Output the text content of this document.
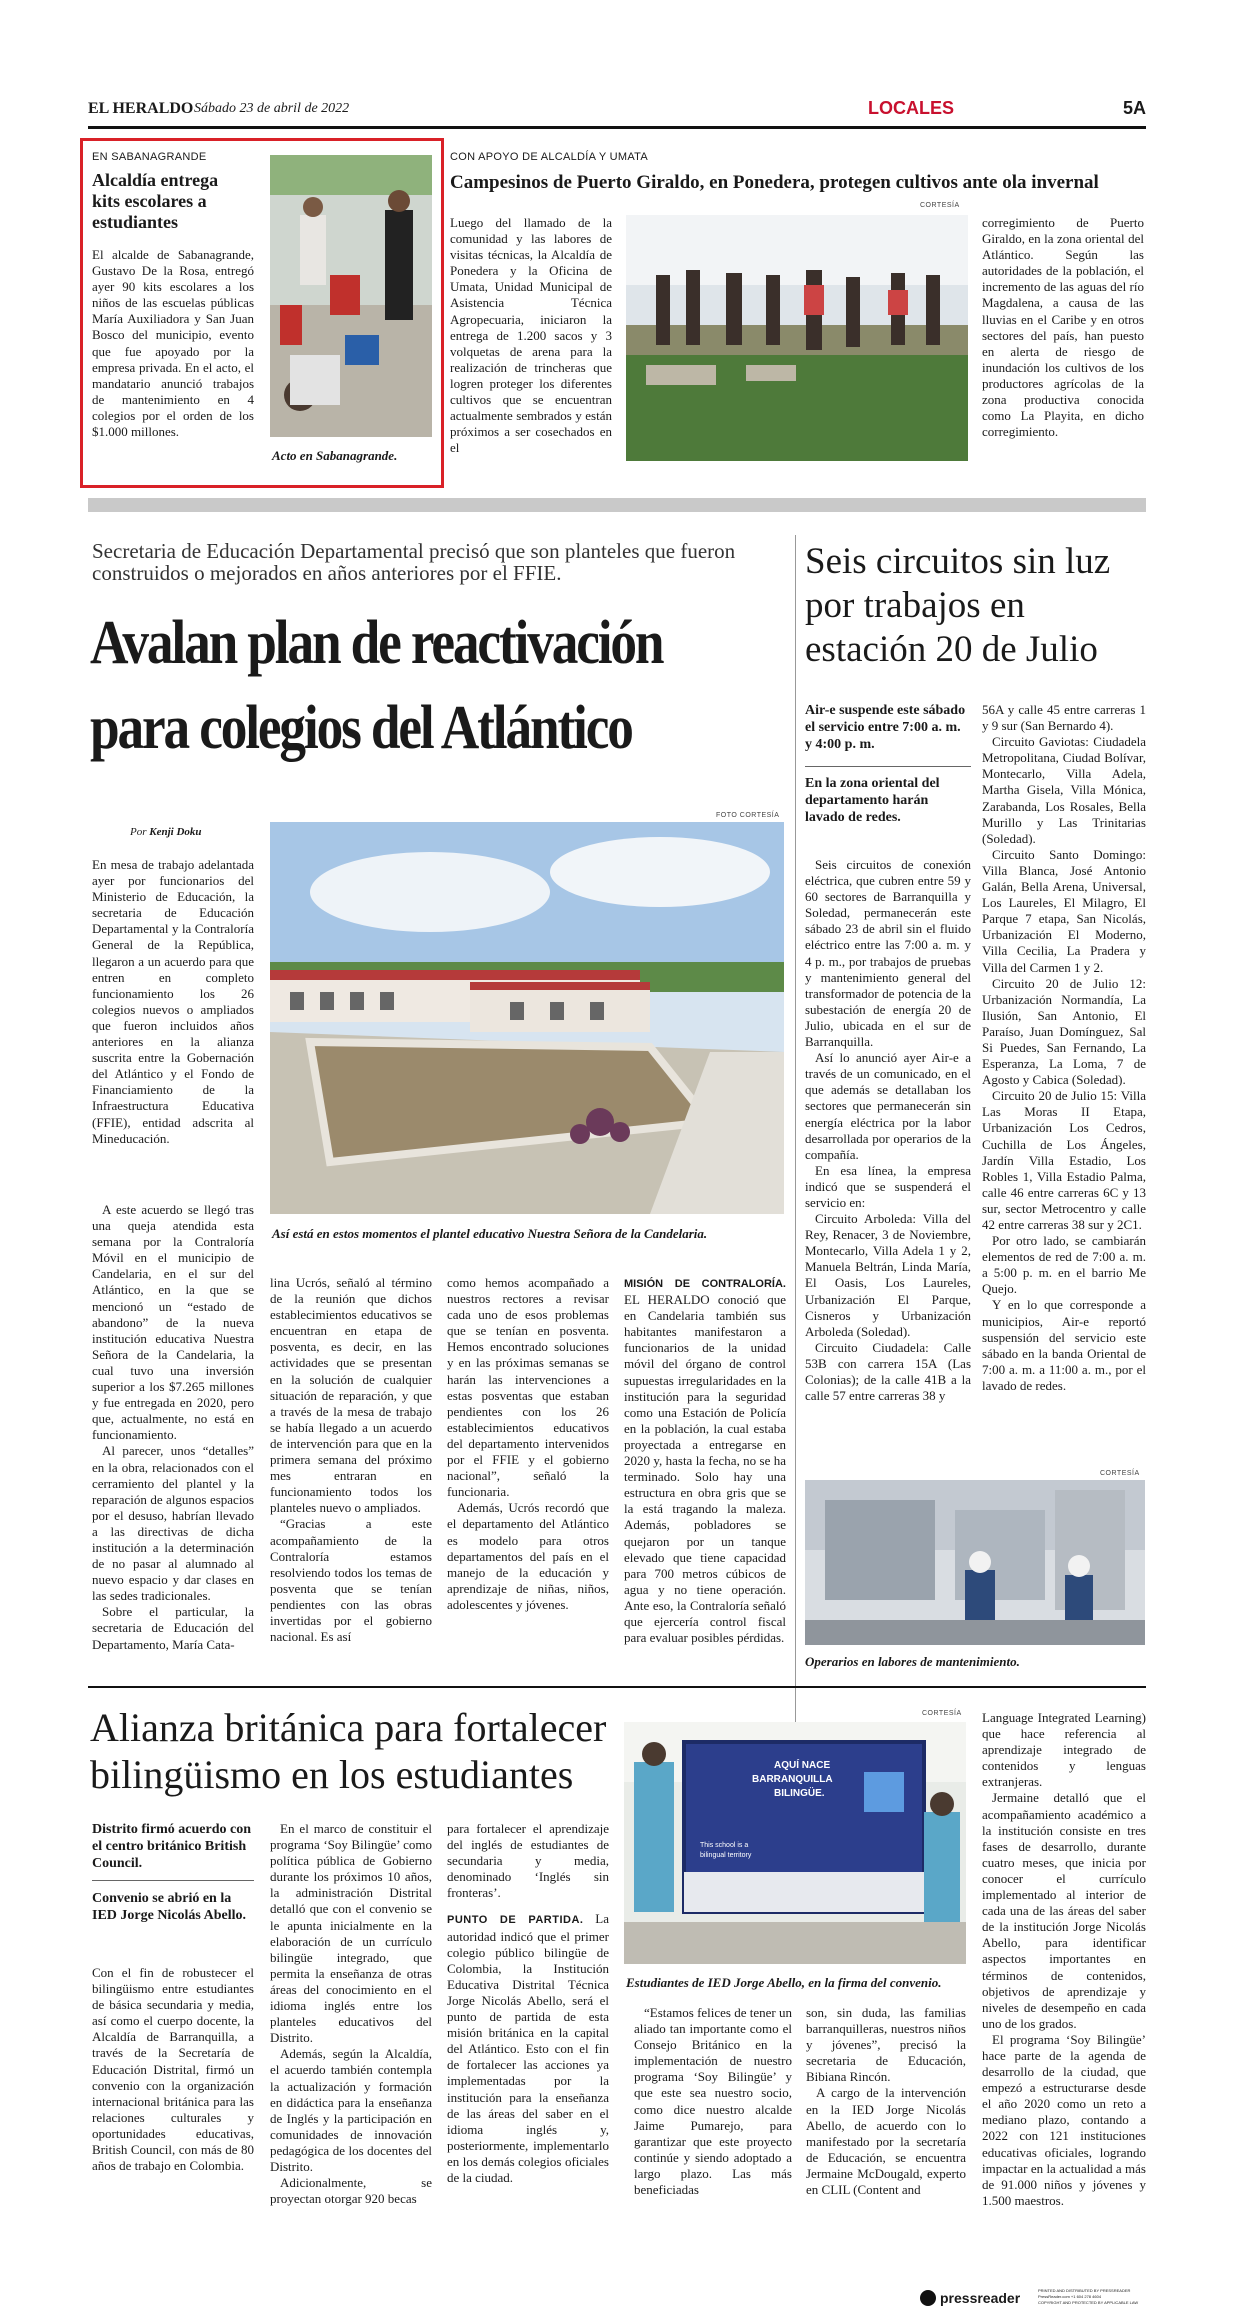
EL HERALDO Sábado 23 de abril de 2022	LOCALES	5A
EN SABANAGRANDE
Alcaldía entrega kits escolares a estudiantes

El alcalde de Sabanagrande, Gustavo De la Rosa, entregó ayer 90 kits escolares a los niños de las escuelas públicas María Auxiliadora y San Juan Bosco del municipio, evento que fue apoyado por la empresa privada. En el acto, el mandatario anunció trabajos de mantenimiento en 4 colegios por el orden de los $1.000 millones.

Acto en Sabanagrande.
CON APOYO DE ALCALDÍA Y UMATA
Campesinos de Puerto Giraldo, en Ponedera, protegen cultivos ante ola invernal
CORTESÍA

Luego del llamado de la comunidad y las labores de visitas técnicas, la Alcaldía de Ponedera y la Oficina de Umata, Unidad Municipal de Asistencia Técnica Agropecuaria, iniciaron la entrega de 1.200 sacos y 3 volquetas de arena para la realización de trincheras que logren proteger los diferentes cultivos que se encuentran actualmente sembrados y están próximos a ser cosechados en el

corregimiento de Puerto Giraldo, en la zona oriental del Atlántico. Según las autoridades de la población, el incremento de las aguas del río Magdalena, a causa de las lluvias en el Caribe y en otros sectores del país, han puesto en alerta de riesgo de inundación los cultivos de los productores agrícolas de la zona productiva conocida como La Playita, en dicho corregimiento.

Secretaria de Educación Departamental precisó que son planteles que fueron construidos o mejorados en años anteriores por el FFIE.
Avalan plan de reactivación
para colegios del Atlántico
Por Kenji Doku
FOTO CORTESÍA

En mesa de trabajo adelantada ayer por funcionarios del Ministerio de Educación, la secretaria de Educación Departamental y la Contraloría General de la República, llegaron a un acuerdo para que entren en completo funcionamiento los 26 colegios nuevos o ampliados que fueron incluidos años anteriores en la alianza suscrita entre la Gobernación del Atlántico y el Fondo de Financiamiento de la Infraestructura Educativa (FFIE), entidad adscrita al Mineducación.

Así está en estos momentos el plantel educativo Nuestra Señora de la Candelaria.

A este acuerdo se llegó tras una queja atendida esta semana por la Contraloría Móvil en el municipio de Candelaria, en el sur del Atlántico, en la que se mencionó un “estado de abandono” de la nueva institución educativa Nuestra Señora de la Candelaria, la cual tuvo una inversión superior a los $7.265 millones y fue entregada en 2020, pero que, actualmente, no está en funcionamiento.

Al parecer, unos “detalles” en la obra, relacionados con el cerramiento del plantel y la reparación de algunos espacios por el desuso, habrían llevado a las directivas de dicha institución a la determinación de no pasar al alumnado al nuevo espacio y dar clases en las sedes tradicionales.

Sobre el particular, la secretaria de Educación del Departamento, María Cata-

lina Ucrós, señaló al término de la reunión que dichos establecimientos educativos se encuentran en etapa de posventa, es decir, en las actividades que se presentan en la solución de cualquier situación de reparación, y que a través de la mesa de trabajo se había llegado a un acuerdo de intervención para que en la primera semana del próximo mes entraran en funcionamiento todos los planteles nuevo o ampliados.

“Gracias a este acompañamiento de la Contraloría estamos resolviendo todos los temas de posventa que se tenían pendientes con las obras invertidas por el gobierno nacional. Es así

como hemos acompañado a nuestros rectores a revisar cada uno de esos problemas que se tenían en posventa. Hemos encontrado soluciones y en las próximas semanas se harán las intervenciones a estas posventas que estaban pendientes con los 26 establecimientos educativos del departamento intervenidos por el FFIE y el gobierno nacional”, señaló la funcionaria.

Además, Ucrós recordó que el departamento del Atlántico es modelo para otros departamentos del país en el manejo de la educación y aprendizaje de niñas, niños, adolescentes y jóvenes.

MISIÓN DE CONTRALORÍA. EL HERALDO conoció que en Candelaria también sus habitantes manifestaron a funcionarios de la unidad móvil del órgano de control supuestas irregularidades en la institución para la seguridad como una Estación de Policía en la población, la cual estaba proyectada a entregarse en 2020 y, hasta la fecha, no se ha terminado. Solo hay una estructura en obra gris que se la está tragando la maleza. Además, pobladores se quejaron por un tanque elevado que tiene capacidad para 700 metros cúbicos de agua y no tiene operación. Ante eso, la Contraloría señaló que ejercería control fiscal para evaluar posibles pérdidas.

Seis circuitos sin luz por trabajos en estación 20 de Julio
Air-e suspende este sábado el servicio entre 7:00 a. m. y 4:00 p. m.
En la zona oriental del departamento harán lavado de redes.

Seis circuitos de conexión eléctrica, que cubren entre 59 y 60 sectores de Barranquilla y Soledad, permanecerán este sábado 23 de abril sin el fluido eléctrico entre las 7:00 a. m. y 4 p. m., por trabajos de pruebas y mantenimiento general del transformador de potencia de la subestación de energía 20 de Julio, ubicada en el sur de Barranquilla.

Así lo anunció ayer Air-e a través de un comunicado, en el que además se detallaban los sectores que permanecerán sin energía eléctrica por la labor desarrollada por operarios de la compañía.

En esa línea, la empresa indicó que se suspenderá el servicio en:

Circuito Arboleda: Villa del Rey, Renacer, 3 de Noviembre, Montecarlo, Villa Adela 1 y 2, Manuela Beltrán, Linda María, El Oasis, Los Laureles, Urbanización El Parque, Cisneros y Urbanización Arboleda (Soledad).

Circuito Ciudadela: Calle 53B con carrera 15A (Las Colonias); de la calle 41B a la calle 57 entre carreras 38 y

56A y calle 45 entre carreras 1 y 9 sur (San Bernardo 4).

Circuito Gaviotas: Ciudadela Metropolitana, Ciudad Bolívar, Montecarlo, Villa Adela, Martha Gisela, Villa Mónica, Zarabanda, Los Rosales, Bella Murillo y Las Trinitarias (Soledad).

Circuito Santo Domingo: Villa Blanca, José Antonio Galán, Bella Arena, Universal, Los Laureles, El Milagro, El Parque 7 etapa, San Nicolás, Urbanización El Moderno, Villa Cecilia, La Pradera y Villa del Carmen 1 y 2.

Circuito 20 de Julio 12: Urbanización Normandía, La Ilusión, San Antonio, El Paraíso, Juan Domínguez, Sal Si Puedes, San Fernando, La Esperanza, La Loma, 7 de Agosto y Cabica (Soledad).

Circuito 20 de Julio 15: Villa Las Moras II Etapa, Urbanización Los Cedros, Cuchilla de Los Ángeles, Jardín Villa Estadio, Los Robles 1, Villa Estadio Palma, calle 46 entre carreras 6C y 13 sur, sector Metrocentro y calle 42 entre carreras 38 sur y 2C1.

Por otro lado, se cambiarán elementos de red de 7:00 a. m. a 5:00 p. m. en el barrio Me Quejo.

Y en lo que corresponde a municipios, Air-e reportó suspensión del servicio este sábado en la banda Oriental de 7:00 a. m. a 11:00 a. m., por el lavado de redes.

CORTESÍA
Operarios en labores de mantenimiento.
Alianza británica para fortalecer
bilingüismo en los estudiantes
Distrito firmó acuerdo con el centro británico British Council.
Convenio se abrió en la IED Jorge Nicolás Abello.

Con el fin de robustecer el bilingüismo entre estudiantes de básica secundaria y media, así como el cuerpo docente, la Alcaldía de Barranquilla, a través de la Secretaría de Educación Distrital, firmó un convenio con la organización internacional británica para las relaciones culturales y oportunidades educativas, British Council, con más de 80 años de trabajo en Colombia.

En el marco de constituir el programa ‘Soy Bilingüe’ como política pública de Gobierno durante los próximos 10 años, la administración Distrital detalló que con el convenio se le apunta inicialmente en la elaboración de un currículo bilingüe integrado, que permita la enseñanza de otras áreas del conocimiento en el idioma inglés entre los planteles educativos del Distrito.

Además, según la Alcaldía, el acuerdo también contempla la actualización y formación en didáctica para la enseñanza de Inglés y la participación en comunidades de innovación pedagógica de los docentes del Distrito.

Adicionalmente, se proyectan otorgar 920 becas

para fortalecer el aprendizaje del inglés de estudiantes de secundaria y media, denominado ‘Inglés sin fronteras’.

PUNTO DE PARTIDA. La autoridad indicó que el primer colegio público bilingüe de Colombia, la Institución Educativa Distrital Técnica Jorge Nicolás Abello, será el punto de partida de esta misión británica en la capital del Atlántico. Esto con el fin de fortalecer las acciones ya implementadas por la institución para la enseñanza de las áreas del saber en el idioma inglés y, posteriormente, implementarlo en los demás colegios oficiales de la ciudad.

CORTESÍA
AQUÍ NACE
BARRANQUILLA
BILINGÜE.
This school is a
bilingual territory
Estudiantes de IED Jorge Abello, en la firma del convenio.

“Estamos felices de tener un aliado tan importante como el Consejo Británico en la implementación de nuestro programa ‘Soy Bilingüe’ y que este sea nuestro socio, como dice nuestro alcalde Jaime Pumarejo, para garantizar que este proyecto continúe y siendo adoptado a largo plazo. Las más beneficiadas

son, sin duda, las familias barranquilleras, nuestros niños y jóvenes”, precisó la secretaria de Educación, Bibiana Rincón.

A cargo de la intervención en la IED Jorge Nicolás Abello, de acuerdo con lo manifestado por la secretaría de Educación, se encuentra Jermaine McDougald, experto en CLIL (Content and

Language Integrated Learning) que hace referencia al aprendizaje integrado de contenidos y lenguas extranjeras.

Jermaine detalló que el acompañamiento académico a la institución consiste en tres fases de desarrollo, durante cuatro meses, que inicia por conocer el currículo implementado al interior de cada una de las áreas del saber de la institución Jorge Nicolás Abello, para identificar aspectos importantes en términos de contenidos, objetivos de aprendizaje y niveles de desempeño en cada uno de los grados.

El programa ‘Soy Bilingüe’ hace parte de la agenda de desarrollo de la ciudad, que empezó a estructurarse desde el año 2020 como un reto a mediano plazo, contando a 2022 con 121 instituciones educativas oficiales, logrando impactar en la actualidad a más de 91.000 niños y jóvenes y 1.500 maestros.

pressreader	PRINTED AND DISTRIBUTED BY PRESSREADER
PressReader.com +1 604 278 4604
COPYRIGHT AND PROTECTED BY APPLICABLE LAW
